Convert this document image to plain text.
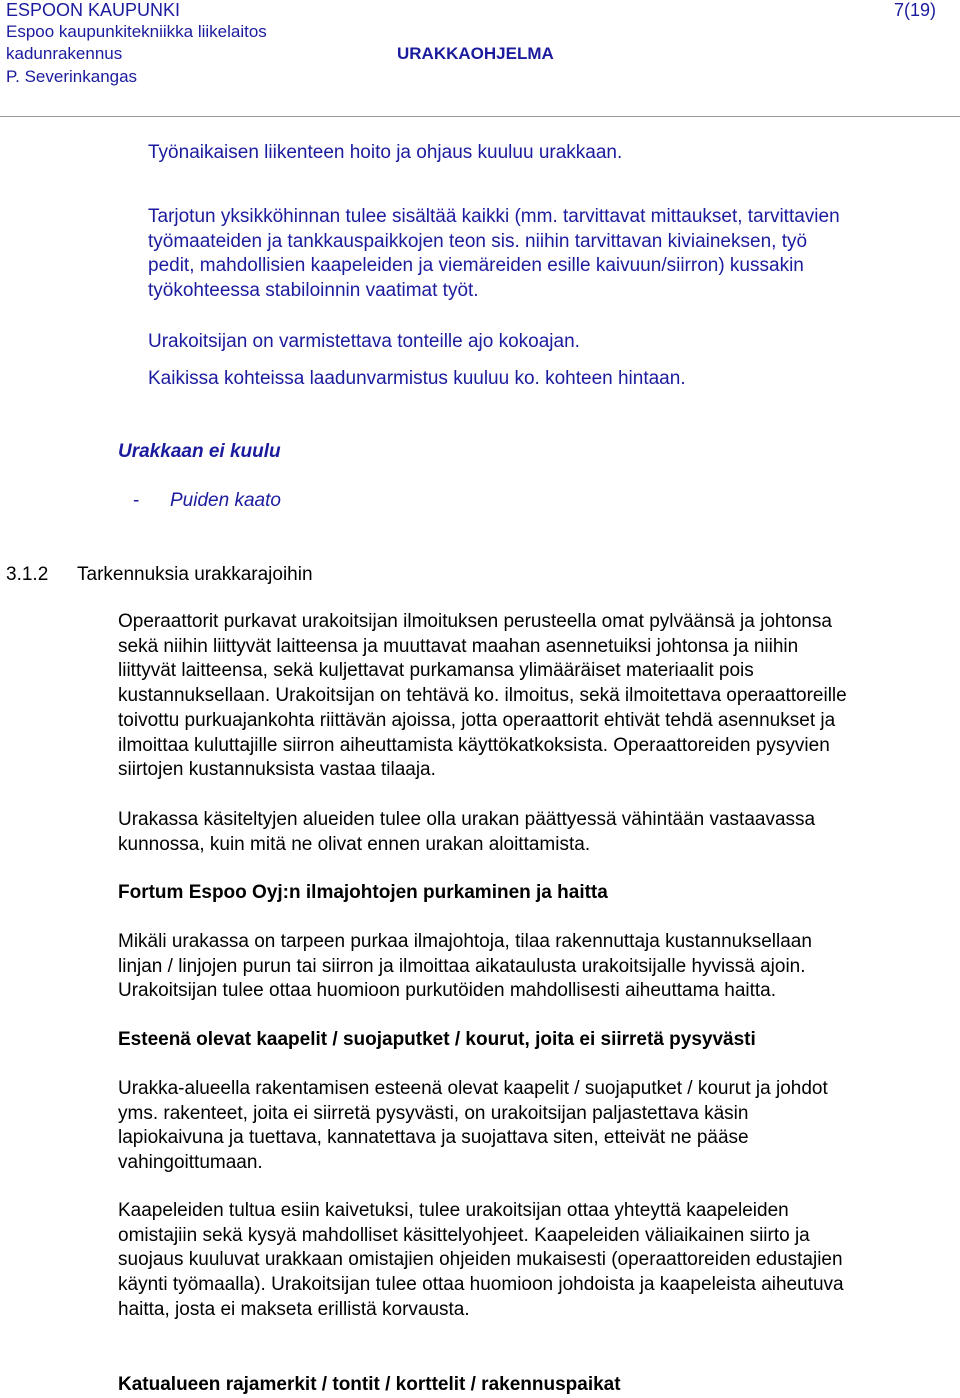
ESPOON KAUPUNKI
Espoo kaupunkitekniikka liikelaitos
kadunrakennus
P. Severinkangas
URAKKAOHJELMA
7(19)
Työnaikaisen liikenteen hoito ja ohjaus kuuluu urakkaan.
Tarjotun yksikköhinnan tulee sisältää kaikki (mm. tarvittavat mittaukset, tarvittavien
työmaateiden ja tankkauspaikkojen teon sis. niihin tarvittavan kiviaineksen, työ
pedit, mahdollisien kaapeleiden ja viemäreiden esille kaivuun/siirron) kussakin
työkohteessa stabiloinnin vaatimat työt.
Urakoitsijan on varmistettava tonteille ajo kokoajan.
Kaikissa kohteissa laadunvarmistus kuuluu ko. kohteen hintaan.
Urakkaan ei kuulu
- Puiden kaato
3.1.2 Tarkennuksia urakkarajoihin
Operaattorit purkavat urakoitsijan ilmoituksen perusteella omat pylväänsä ja johtonsa
sekä niihin liittyvät laitteensa ja muuttavat maahan asennetuiksi johtonsa ja niihin
liittyvät laitteensa, sekä kuljettavat purkamansa ylimääräiset materiaalit pois
kustannuksellaan. Urakoitsijan on tehtävä ko. ilmoitus, sekä ilmoitettava operaattoreille
toivottu purkuajankohta riittävän ajoissa, jotta operaattorit ehtivät tehdä asennukset ja
ilmoittaa kuluttajille siirron aiheuttamista käyttökatkoksista. Operaattoreiden pysyvien
siirtojen kustannuksista vastaa tilaaja.
Urakassa käsiteltyjen alueiden tulee olla urakan päättyessä vähintään vastaavassa
kunnossa, kuin mitä ne olivat ennen urakan aloittamista.
Fortum Espoo Oyj:n ilmajohtojen purkaminen ja haitta
Mikäli urakassa on tarpeen purkaa ilmajohtoja, tilaa rakennuttaja kustannuksellaan
linjan / linjojen purun tai siirron ja ilmoittaa aikataulusta urakoitsijalle hyvissä ajoin.
Urakoitsijan tulee ottaa huomioon purkutöiden mahdollisesti aiheuttama haitta.
Esteenä olevat kaapelit / suojaputket / kourut, joita ei siirretä pysyvästi
Urakka-alueella rakentamisen esteenä olevat kaapelit / suojaputket / kourut ja johdot
yms. rakenteet, joita ei siirretä pysyvästi, on urakoitsijan paljastettava käsin
lapiokaivuna ja tuettava, kannatettava ja suojattava siten, etteivät ne pääse
vahingoittumaan.
Kaapeleiden tultua esiin kaivetuksi, tulee urakoitsijan ottaa yhteyttä kaapeleiden
omistajiin sekä kysyä mahdolliset käsittelyohjeet. Kaapeleiden väliaikainen siirto ja
suojaus kuuluvat urakkaan omistajien ohjeiden mukaisesti (operaattoreiden edustajien
käynti työmaalla). Urakoitsijan tulee ottaa huomioon johdoista ja kaapeleista aiheutuva
haitta, josta ei makseta erillistä korvausta.
Katualueen rajamerkit / tontit / korttelit / rakennuspaikat
